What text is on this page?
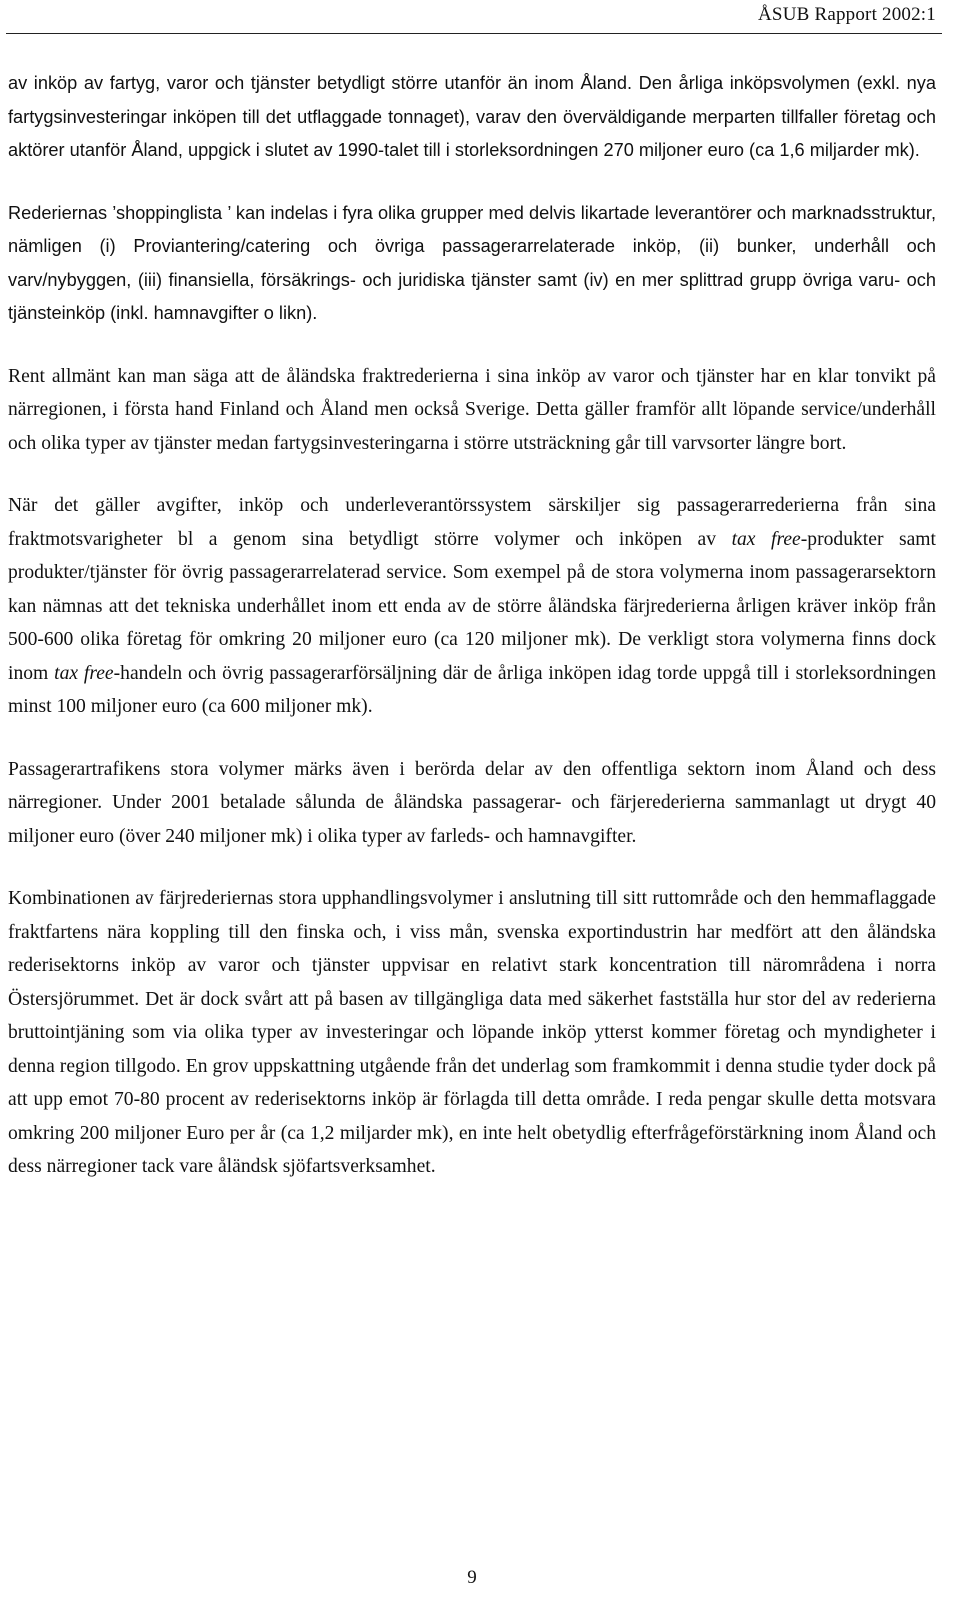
ÅSUB Rapport 2002:1

av inköp av fartyg, varor och tjänster betydligt större utanför än inom Åland. Den årliga inköpsvolymen (exkl. nya fartygsinvesteringar inköpen till det utflaggade tonnaget), varav den överväldigande merparten tillfaller företag och aktörer utanför Åland, uppgick i slutet av 1990-talet till i storleksordningen 270 miljoner euro (ca 1,6 miljarder mk).

Rederiernas ’shoppinglista ’ kan indelas i fyra olika grupper med delvis likartade leverantörer och marknadsstruktur, nämligen (i) Proviantering/catering och övriga passagerarrelaterade inköp, (ii) bunker, underhåll och varv/nybyggen, (iii) finansiella, försäkrings- och juridiska tjänster samt (iv) en mer splittrad grupp övriga varu- och tjänsteinköp (inkl. hamnavgifter o likn).

Rent allmänt kan man säga att de åländska fraktrederierna i sina inköp av varor och tjänster har en klar tonvikt på närregionen, i första hand Finland och Åland men också Sverige. Detta gäller framför allt löpande service/underhåll och olika typer av tjänster medan fartygsinvesteringarna i större utsträckning går till varvsorter längre bort.

När det gäller avgifter, inköp och underleverantörssystem särskiljer sig passagerarrederierna från sina fraktmotsvarigheter bl a genom sina betydligt större volymer och inköpen av tax free-produkter samt produkter/tjänster för övrig passagerarrelaterad service. Som exempel på de stora volymerna inom passagerarsektorn kan nämnas att det tekniska underhållet inom ett enda av de större åländska färjrederierna årligen kräver inköp från 500-600 olika företag för omkring 20 miljoner euro (ca 120 miljoner mk). De verkligt stora volymerna finns dock inom tax free-handeln och övrig passagerarförsäljning där de årliga inköpen idag torde uppgå till i storleksordningen minst 100 miljoner euro (ca 600 miljoner mk).

Passagerartrafikens stora volymer märks även i berörda delar av den offentliga sektorn inom Åland och dess närregioner. Under 2001 betalade sålunda de åländska passagerar- och färjerederierna sammanlagt ut drygt 40 miljoner euro (över 240 miljoner mk) i olika typer av farleds- och hamnavgifter.

Kombinationen av färjrederiernas stora upphandlingsvolymer i anslutning till sitt ruttområde och den hemmaflaggade fraktfartens nära koppling till den finska och, i viss mån, svenska exportindustrin har medfört att den åländska rederisektorns inköp av varor och tjänster uppvisar en relativt stark koncentration till närområdena i norra Östersjörummet. Det är dock svårt att på basen av tillgängliga data med säkerhet fastställa hur stor del av rederierna bruttointjäning som via olika typer av investeringar och löpande inköp ytterst kommer företag och myndigheter i denna region tillgodo. En grov uppskattning utgående från det underlag som framkommit i denna studie tyder dock på att upp emot 70-80 procent av rederisektorns inköp är förlagda till detta område. I reda pengar skulle detta motsvara omkring 200 miljoner Euro per år (ca 1,2 miljarder mk), en inte helt obetydlig efterfrågeförstärkning inom Åland och dess närregioner tack vare åländsk sjöfartsverksamhet.

9
